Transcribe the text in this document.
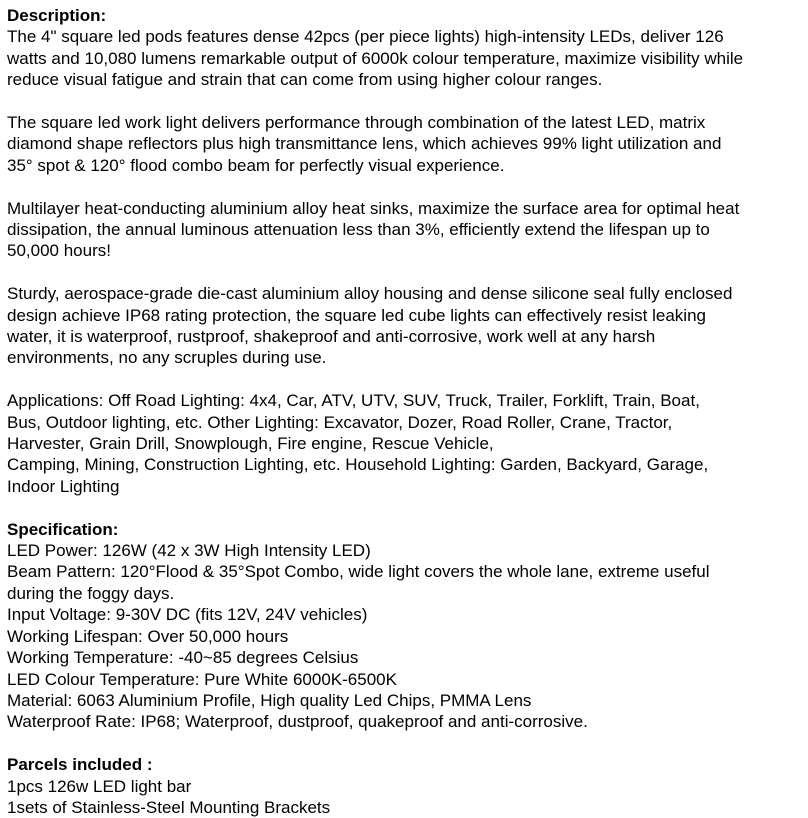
Description:

The 4" square led pods features dense 42pcs (per piece lights) high-intensity LEDs, deliver 126
watts and 10,080 lumens remarkable output of 6000k colour temperature, maximize visibility while
reduce visual fatigue and strain that can come from using higher colour ranges.

The square led work light delivers performance through combination of the latest LED, matrix
diamond shape reflectors plus high transmittance lens, which achieves 99% light utilization and
35° spot & 120° flood combo beam for perfectly visual experience.

Multilayer heat-conducting aluminium alloy heat sinks, maximize the surface area for optimal heat
dissipation, the annual luminous attenuation less than 3%, efficiently extend the lifespan up to
50,000 hours!

Sturdy, aerospace-grade die-cast aluminium alloy housing and dense silicone seal fully enclosed
design achieve IP68 rating protection, the square led cube lights can effectively resist leaking
water, it is waterproof, rustproof, shakeproof and anti-corrosive, work well at any harsh
environments, no any scruples during use.

Applications: Off Road Lighting: 4x4, Car, ATV, UTV, SUV, Truck, Trailer, Forklift, Train, Boat,
Bus, Outdoor lighting, etc. Other Lighting: Excavator, Dozer, Road Roller, Crane, Tractor,
Harvester, Grain Drill, Snowplough, Fire engine, Rescue Vehicle,
Camping, Mining, Construction Lighting, etc. Household Lighting: Garden, Backyard, Garage,
Indoor Lighting

Specification:

LED Power: 126W (42 x 3W High Intensity LED)
Beam Pattern: 120°Flood & 35°Spot Combo, wide light covers the whole lane, extreme useful
during the foggy days.
Input Voltage: 9-30V DC (fits 12V, 24V vehicles)
Working Lifespan: Over 50,000 hours
Working Temperature: -40~85 degrees Celsius
LED Colour Temperature: Pure White 6000K-6500K
Material: 6063 Aluminium Profile, High quality Led Chips, PMMA Lens
Waterproof Rate: IP68; Waterproof, dustproof, quakeproof and anti-corrosive.

Parcels included :

1pcs 126w LED light bar
1sets of Stainless-Steel Mounting Brackets
